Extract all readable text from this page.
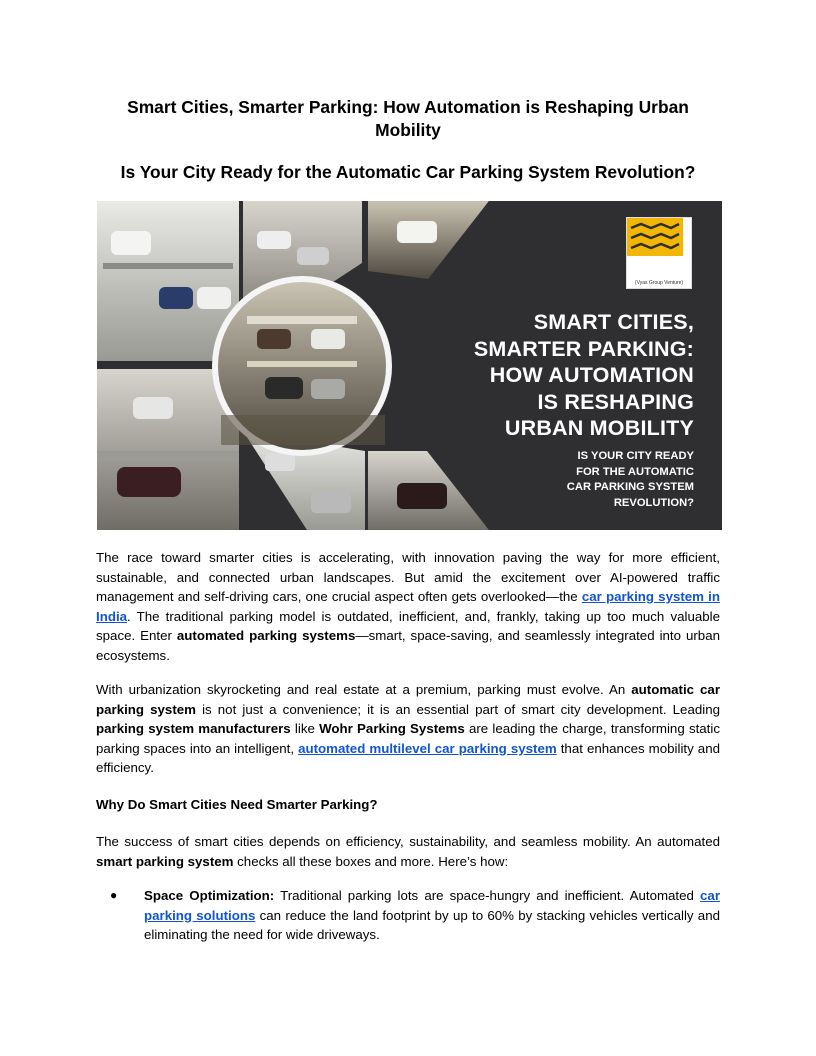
Smart Cities, Smarter Parking: How Automation is Reshaping Urban Mobility
Is Your City Ready for the Automatic Car Parking System Revolution?
(Vyas Group Venture)
SMART CITIES,
SMARTER PARKING:
HOW AUTOMATION
IS RESHAPING
URBAN MOBILITY
IS YOUR CITY READY
FOR THE AUTOMATIC
CAR PARKING SYSTEM
REVOLUTION?

The race toward smarter cities is accelerating, with innovation paving the way for more efficient, sustainable, and connected urban landscapes. But amid the excitement over AI-powered traffic management and self-driving cars, one crucial aspect often gets overlooked—the car parking system in India. The traditional parking model is outdated, inefficient, and, frankly, taking up too much valuable space. Enter automated parking systems—smart, space-saving, and seamlessly integrated into urban ecosystems.

With urbanization skyrocketing and real estate at a premium, parking must evolve. An automatic car parking system is not just a convenience; it is an essential part of smart city development. Leading parking system manufacturers like Wohr Parking Systems are leading the charge, transforming static parking spaces into an intelligent, automated multilevel car parking system that enhances mobility and efficiency.

Why Do Smart Cities Need Smarter Parking?

The success of smart cities depends on efficiency, sustainability, and seamless mobility. An automated smart parking system checks all these boxes and more. Here’s how:

● Space Optimization: Traditional parking lots are space-hungry and inefficient. Automated car parking solutions can reduce the land footprint by up to 60% by stacking vehicles vertically and eliminating the need for wide driveways.
